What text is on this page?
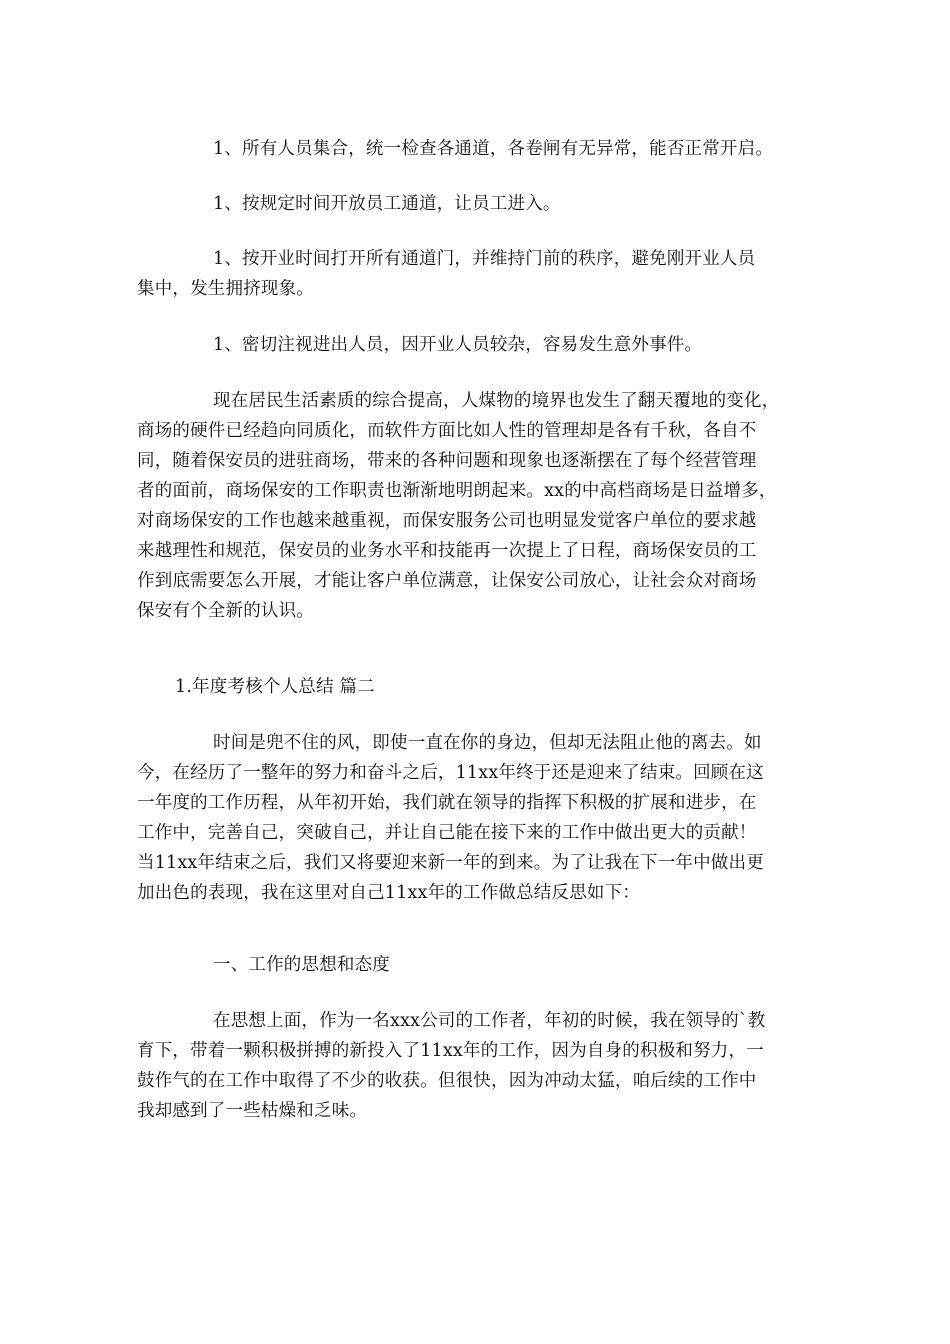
1、所有人员集合，统一检查各通道，各卷闸有无异常，能否正常开启。
1、按规定时间开放员工通道，让员工进入。
1、按开业时间打开所有通道门，并维持门前的秩序，避免刚开业人员
集中，发生拥挤现象。
1、密切注视进出人员，因开业人员较杂，容易发生意外事件。
现在居民生活素质的综合提高，人煤物的境界也发生了翻天覆地的变化，
商场的硬件已经趋向同质化，而软件方面比如人性的管理却是各有千秋，各自不
同，随着保安员的进驻商场，带来的各种问题和现象也逐渐摆在了每个经营管理
者的面前，商场保安的工作职责也渐渐地明朗起来。xx的中高档商场是日益增多，
对商场保安的工作也越来越重视，而保安服务公司也明显发觉客户单位的要求越
来越理性和规范，保安员的业务水平和技能再一次提上了日程，商场保安员的工
作到底需要怎么开展，才能让客户单位满意，让保安公司放心，让社会众对商场
保安有个全新的认识。
1.年度考核个人总结 篇二
时间是兜不住的风，即使一直在你的身边，但却无法阻止他的离去。如
今，在经历了一整年的努力和奋斗之后，11xx年终于还是迎来了结束。回顾在这
一年度的工作历程，从年初开始，我们就在领导的指挥下积极的扩展和进步，在
工作中，完善自己，突破自己，并让自己能在接下来的工作中做出更大的贡献！
当11xx年结束之后，我们又将要迎来新一年的到来。为了让我在下一年中做出更
加出色的表现，我在这里对自己11xx年的工作做总结反思如下：
一、工作的思想和态度
在思想上面，作为一名xxx公司的工作者，年初的时候，我在领导的`教
育下，带着一颗积极拼搏的新投入了11xx年的工作，因为自身的积极和努力，一
鼓作气的在工作中取得了不少的收获。但很快，因为冲动太猛，咱后续的工作中
我却感到了一些枯燥和乏味。
